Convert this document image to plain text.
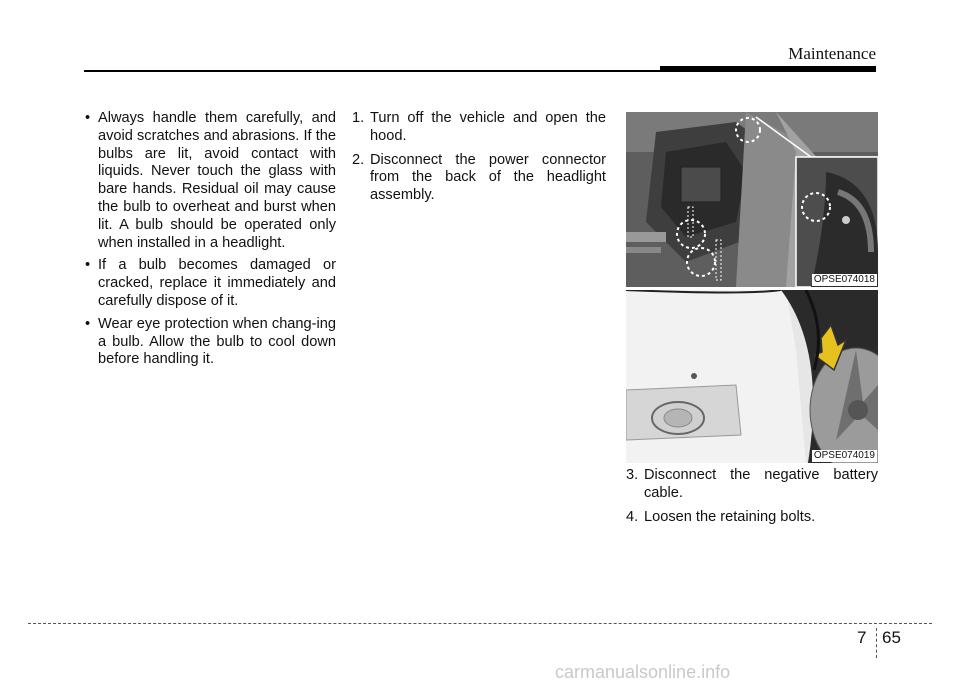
Maintenance
• Always handle them carefully, and avoid scratches and abrasions. If the bulbs are lit, avoid contact with liquids. Never touch the glass with bare hands. Residual oil may cause the bulb to overheat and burst when lit. A bulb should be operated only when installed in a headlight.
• If a bulb becomes damaged or cracked, replace it immediately and carefully dispose of it.
• Wear eye protection when chang-ing a bulb. Allow the bulb to cool down before handling it.
1. Turn off the vehicle and open the hood.
2. Disconnect the power connector from the back of the headlight assembly.
OPSE074018
OPSE074019
3. Disconnect the negative battery cable.
4. Loosen the retaining bolts.
7 65
carmanualsonline.info
